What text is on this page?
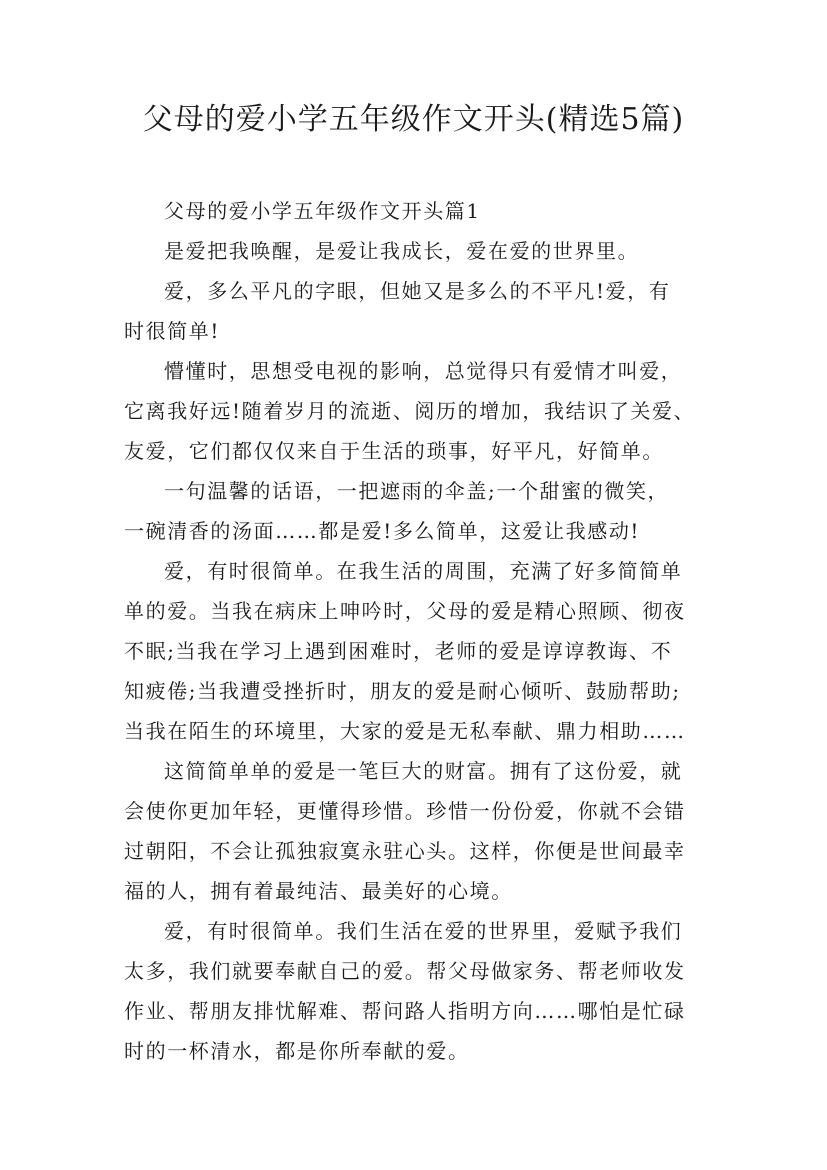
父母的爱小学五年级作文开头(精选5篇)

父母的爱小学五年级作文开头篇1

是爱把我唤醒，是爱让我成长，爱在爱的世界里。

爱，多么平凡的字眼，但她又是多么的不平凡!爱，有
时很简单!

懵懂时，思想受电视的影响，总觉得只有爱情才叫爱，
它离我好远!随着岁月的流逝、阅历的增加，我结识了关爱、
友爱，它们都仅仅来自于生活的琐事，好平凡，好简单。

一句温馨的话语，一把遮雨的伞盖;一个甜蜜的微笑，
一碗清香的汤面……都是爱!多么简单，这爱让我感动!

爱，有时很简单。在我生活的周围，充满了好多简简单
单的爱。当我在病床上呻吟时，父母的爱是精心照顾、彻夜
不眠;当我在学习上遇到困难时，老师的爱是谆谆教诲、不
知疲倦;当我遭受挫折时，朋友的爱是耐心倾听、鼓励帮助;
当我在陌生的环境里，大家的爱是无私奉献、鼎力相助……

这简简单单的爱是一笔巨大的财富。拥有了这份爱，就
会使你更加年轻，更懂得珍惜。珍惜一份份爱，你就不会错
过朝阳，不会让孤独寂寞永驻心头。这样，你便是世间最幸
福的人，拥有着最纯洁、最美好的心境。

爱，有时很简单。我们生活在爱的世界里，爱赋予我们
太多，我们就要奉献自己的爱。帮父母做家务、帮老师收发
作业、帮朋友排忧解难、帮问路人指明方向……哪怕是忙碌
时的一杯清水，都是你所奉献的爱。
